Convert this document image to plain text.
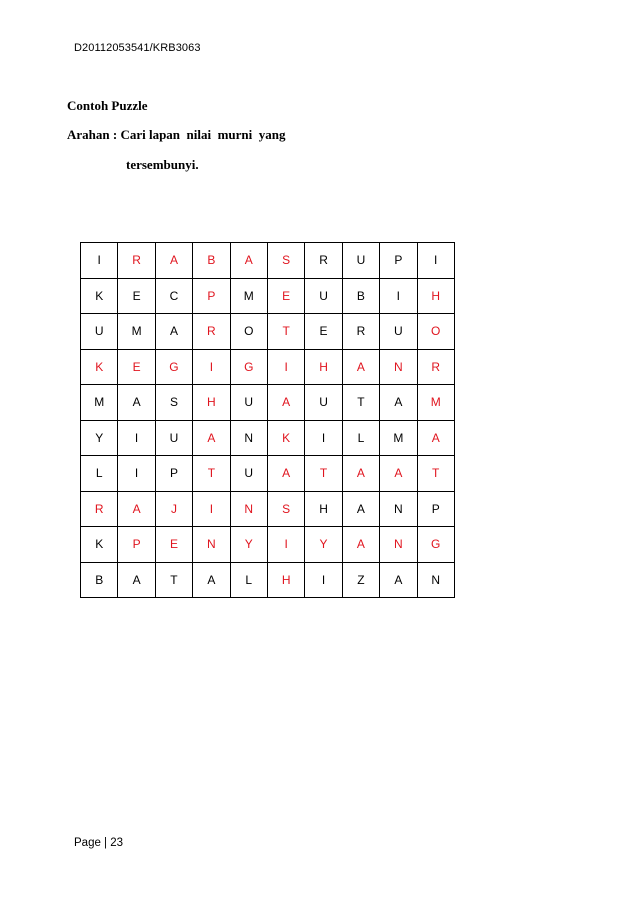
D20112053541/KRB3063
Contoh Puzzle
Arahan : Cari lapan  nilai  murni  yang
tersembunyi.
I	R	A	B	A	S	R	U	P	I
K	E	C	P	M	E	U	B	I	H
U	M	A	R	O	T	E	R	U	O
K	E	G	I	G	I	H	A	N	R
M	A	S	H	U	A	U	T	A	M
Y	I	U	A	N	K	I	L	M	A
L	I	P	T	U	A	T	A	A	T
R	A	J	I	N	S	H	A	N	P
K	P	E	N	Y	I	Y	A	N	G
B	A	T	A	L	H	I	Z	A	N
Page | 23
